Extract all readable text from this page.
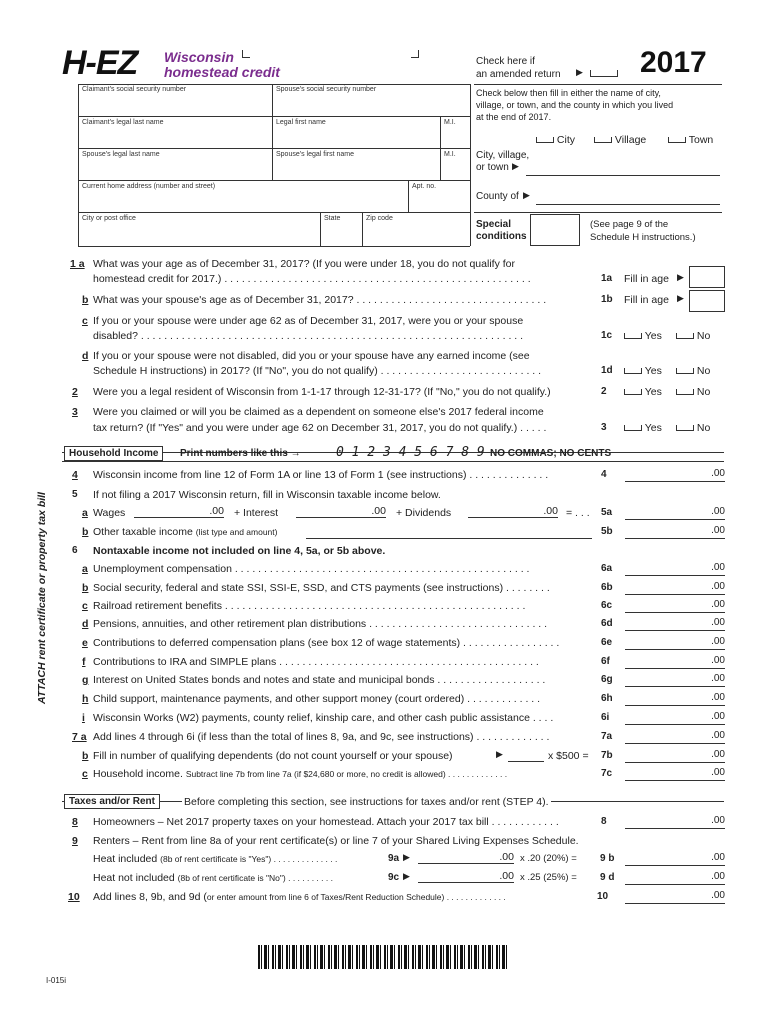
H-EZ Wisconsin
homestead credit
Check here if
an amended return ▶ 2017
Claimant's social security number	Spouse's social security number
Claimant's legal last name	Legal first name	M.I.
Spouse's legal last name	Spouse's legal first name	M.I.
Current home address (number and street)	Apt. no.
City or post office	State	Zip code
Check below then fill in either the name of city,
village, or town, and the county in which you lived
at the end of 2017.
City	Village	Town
City, village,
or town ▶
County of ▶
Special
conditions
(See page 9 of the
Schedule H instructions.)
1 a What was your age as of December 31, 2017? (If you were under 18, you do not qualify for
homestead credit for 2017.) . . . . . . . . . . . . . . . . . . . . . . . . . . . . . . . . . . . . . . . . . . . . . . . . . . . . .	1a Fill in age ▶
b What was your spouse's age as of December 31, 2017? . . . . . . . . . . . . . . . . . . . . . . . . . . . . . . . . .	1b Fill in age ▶
c If you or your spouse were under age 62 as of December 31, 2017, were you or your spouse
disabled? . . . . . . . . . . . . . . . . . . . . . . . . . . . . . . . . . . . . . . . . . . . . . . . . . . . . . . . . . . . . . . . . . .	1c	Yes	No
d If you or your spouse were not disabled, did you or your spouse have any earned income (see
Schedule H instructions) in 2017? (If "No", you do not qualify) . . . . . . . . . . . . . . . . . . . . . . . . . . . .	1d	Yes	No
2 Were you a legal resident of Wisconsin from 1-1-17 through 12-31-17? (If "No," you do not qualify.)	2	Yes	No
3 Were you claimed or will you be claimed as a dependent on someone else's 2017 federal income
tax return? (If "Yes" and you were under age 62 on December 31, 2017, you do not qualify.) . . . . .	3	Yes	No
Household Income	Print numbers like this →	0 1 2 3 4 5 6 7 8 9 NO COMMAS; NO CENTS
ATTACH rent certificate or property tax bill
4 Wisconsin income from line 12 of Form 1A or line 13 of Form 1 (see instructions) . . . . . . . . . . . . . .	4	.00
5 If not filing a 2017 Wisconsin return, fill in Wisconsin taxable income below.
a Wages	.00 + Interest	.00 + Dividends	.00 = . . . 5a	.00
b Other taxable income (list type and amount)	5b	.00
6 Nontaxable income not included on line 4, 5a, or 5b above.
a Unemployment compensation . . . . . . . . . . . . . . . . . . . . . . . . . . . . . . . . . . . . . . . . . . . . . . . . . . .	6a	.00
b Social security, federal and state SSI, SSI-E, SSD, and CTS payments (see instructions) . . . . . . . .	6b	.00
c Railroad retirement benefits . . . . . . . . . . . . . . . . . . . . . . . . . . . . . . . . . . . . . . . . . . . . . . . . . . . .	6c	.00
d Pensions, annuities, and other retirement plan distributions . . . . . . . . . . . . . . . . . . . . . . . . . . . . . . .	6d	.00
e Contributions to deferred compensation plans (see box 12 of wage statements) . . . . . . . . . . . . . . . . .	6e	.00
f Contributions to IRA and SIMPLE plans . . . . . . . . . . . . . . . . . . . . . . . . . . . . . . . . . . . . . . . . . . . . .	6f	.00
g Interest on United States bonds and notes and state and municipal bonds . . . . . . . . . . . . . . . . . . .	6g	.00
h Child support, maintenance payments, and other support money (court ordered) . . . . . . . . . . . . .	6h	.00
i Wisconsin Works (W2) payments, county relief, kinship care, and other cash public assistance . . . .	6i	.00
7 a Add lines 4 through 6i (if less than the total of lines 8, 9a, and 9c, see instructions) . . . . . . . . . . . . .	7a	.00
b Fill in number of qualifying dependents (do not count yourself or your spouse)	▶	x $500 = 7b	.00
c Household income. Subtract line 7b from line 7a (if $24,680 or more, no credit is allowed) . . . . . . . . . . . . .	7c	.00
Taxes and/or Rent	Before completing this section, see instructions for taxes and/or rent (STEP 4).
8 Homeowners – Net 2017 property taxes on your homestead. Attach your 2017 tax bill . . . . . . . . . . . .	8	.00
9 Renters – Rent from line 8a of your rent certificate(s) or line 7 of your Shared Living Expenses Schedule.
Heat included (8b of rent certificate is "Yes") . . . . . . . . . . . . . .	9a ▶	.00 x .20 (20%) = 9 b	.00
Heat not included (8b of rent certificate is "No") . . . . . . . . . .	9c ▶	.00 x .25 (25%) = 9 d	.00
10 Add lines 8, 9b, and 9d (or enter amount from line 6 of Taxes/Rent Reduction Schedule) . . . . . . . . . . . . .	10	.00
I-015i
